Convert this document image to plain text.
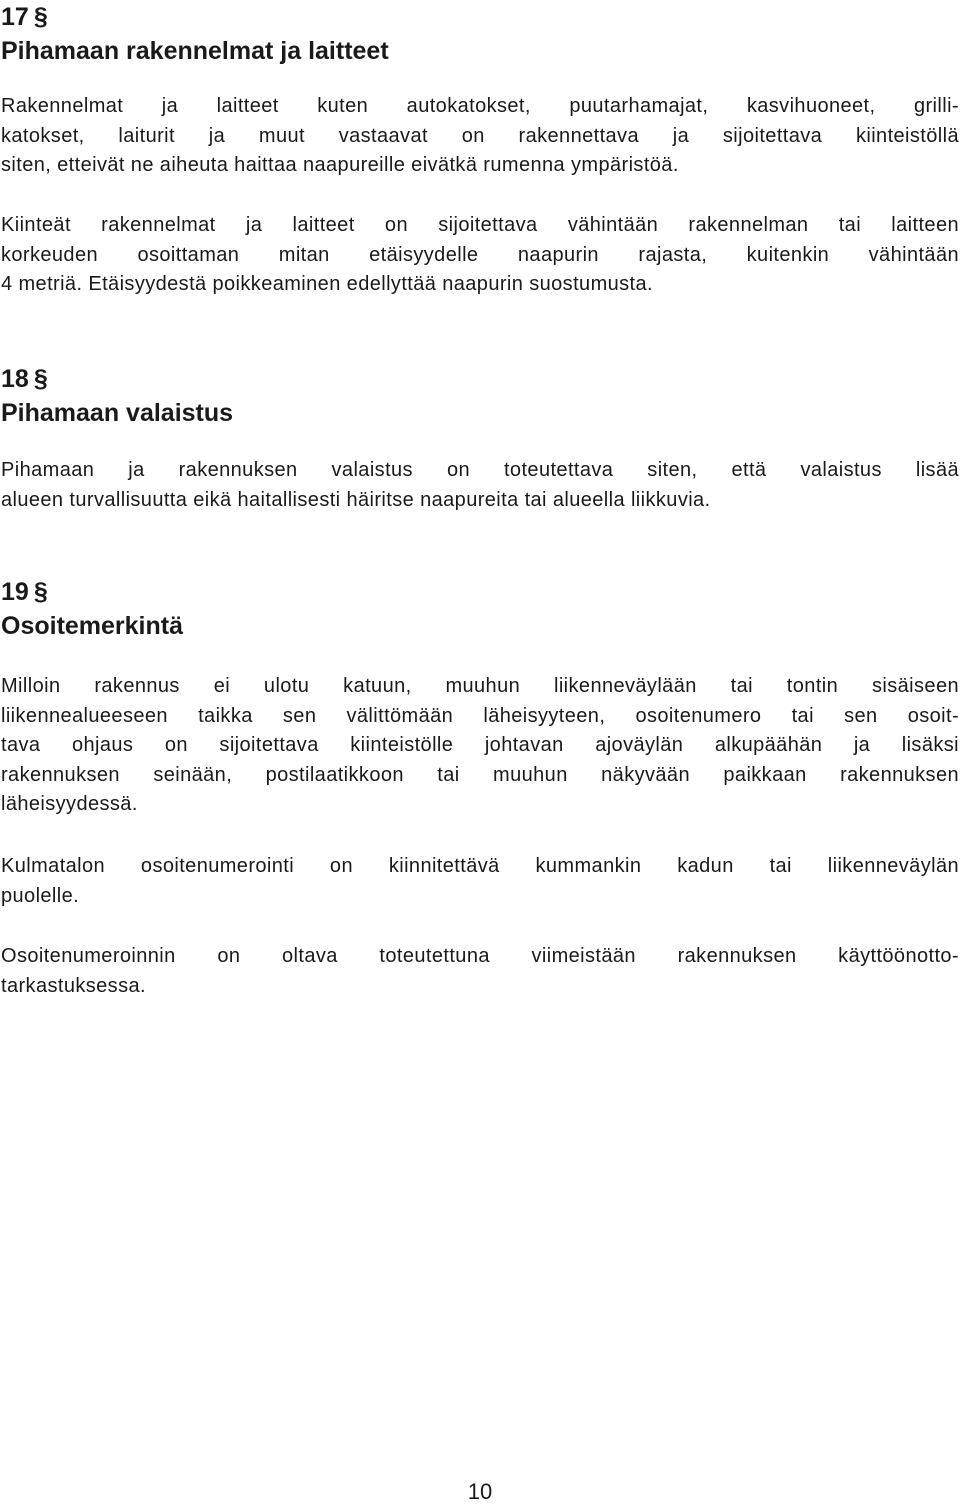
17 §
Pihamaan rakennelmat ja laitteet
Rakennelmat ja laitteet kuten autokatokset, puutarhamajat, kasvihuoneet, grilli-
katokset, laiturit ja muut vastaavat on rakennettava ja sijoitettava kiinteistöllä
siten, etteivät ne aiheuta haittaa naapureille eivätkä rumenna ympäristöä.
Kiinteät rakennelmat ja laitteet on sijoitettava vähintään rakennelman tai laitteen
korkeuden osoittaman mitan etäisyydelle naapurin rajasta, kuitenkin vähintään
4 metriä. Etäisyydestä poikkeaminen edellyttää naapurin suostumusta.
18 §
Pihamaan valaistus
Pihamaan ja rakennuksen valaistus on toteutettava siten, että valaistus lisää
alueen turvallisuutta eikä haitallisesti häiritse naapureita tai alueella liikkuvia.
19 §
Osoitemerkintä
Milloin rakennus ei ulotu katuun, muuhun liikenneväylään tai tontin sisäiseen
liikennealueeseen taikka sen välittömään läheisyyteen, osoitenumero tai sen osoit-
tava ohjaus on sijoitettava kiinteistölle johtavan ajoväylän alkupäähän ja lisäksi
rakennuksen seinään, postilaatikkoon tai muuhun näkyvään paikkaan rakennuksen
läheisyydessä.
Kulmatalon osoitenumerointi on kiinnitettävä kummankin kadun tai liikenneväylän
puolelle.
Osoitenumeroinnin on oltava toteutettuna viimeistään rakennuksen käyttöönotto-
tarkastuksessa.
10
